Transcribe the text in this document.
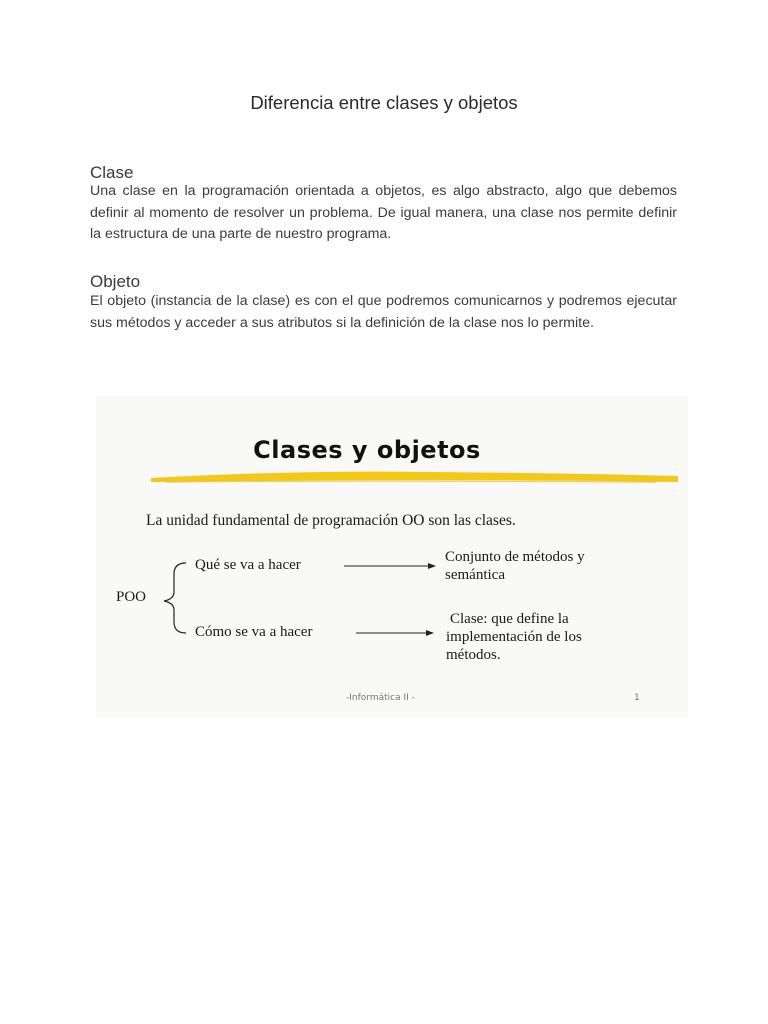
Diferencia entre clases y objetos
Clase
Una clase en la programación orientada a objetos, es algo abstracto, algo que debemos definir al momento de resolver un problema. De igual manera, una clase nos permite definir la estructura de una parte de nuestro programa.
Objeto
El objeto (instancia de la clase) es con el que podremos comunicarnos y podremos ejecutar sus métodos y acceder a sus atributos si la definición de la clase nos lo permite.
Clases y objetos
La unidad fundamental de programación OO son las clases.
POO
Qué se va a hacer
Cómo se va a hacer
Conjunto de métodos y
semántica
Clase: que define la
implementación de los
métodos.
-Informática II -	1
